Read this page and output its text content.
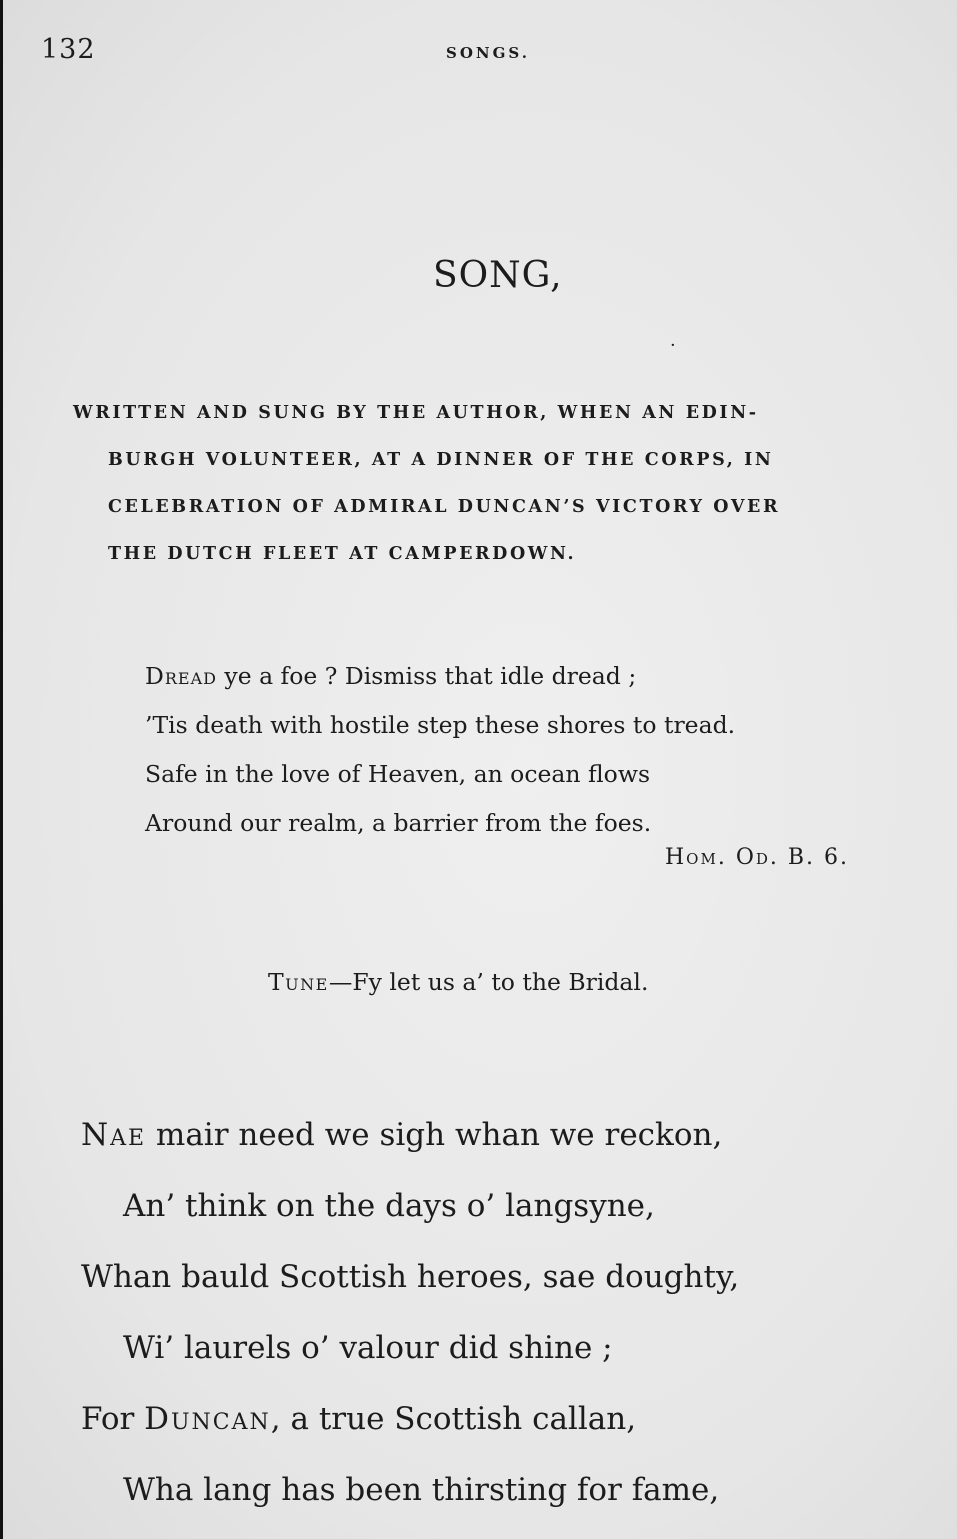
132	SONGS.
SONG,
·
WRITTEN AND SUNG BY THE AUTHOR, WHEN AN EDIN-
BURGH VOLUNTEER, AT A DINNER OF THE CORPS, IN
CELEBRATION OF ADMIRAL DUNCAN’S VICTORY OVER
THE DUTCH FLEET AT CAMPERDOWN.
Dread ye a foe ? Dismiss that idle dread ;
’Tis death with hostile step these shores to tread.
Safe in the love of Heaven, an ocean flows
Around our realm, a barrier from the foes.
Hom. Od. B. 6.
Tune—Fy let us a’ to the Bridal.
Nae mair need we sigh whan we reckon,
An’ think on the days o’ langsyne,
Whan bauld Scottish heroes, sae doughty,
Wi’ laurels o’ valour did shine ;
For Duncan, a true Scottish callan,
Wha lang has been thirsting for fame,
